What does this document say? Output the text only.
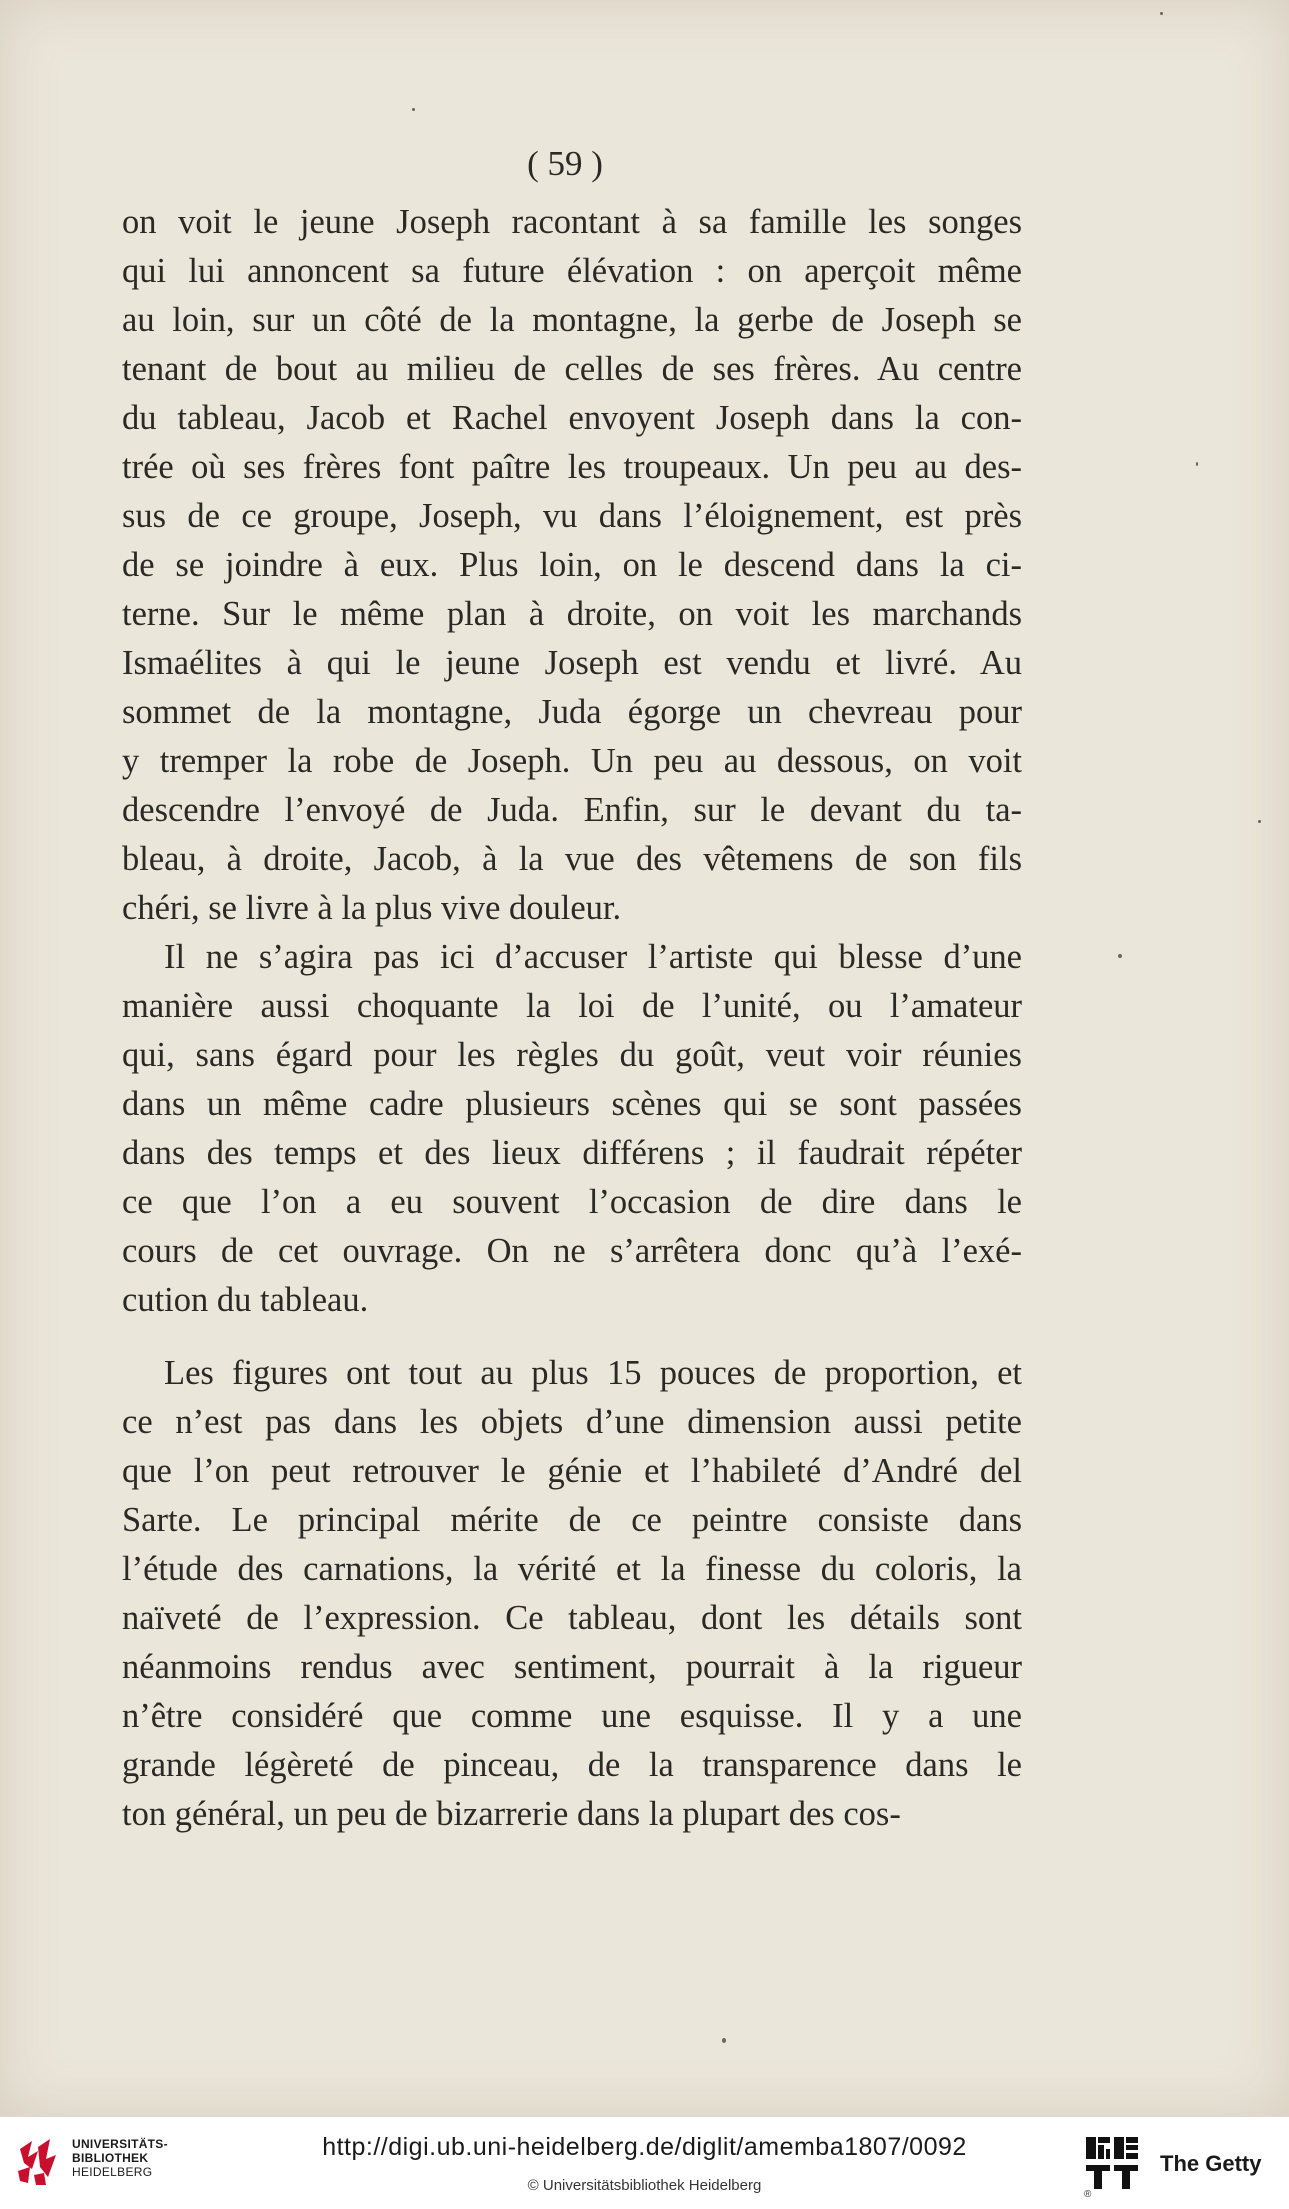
( 59 )
on voit le jeune Joseph racontant à sa famille les songes
qui lui annoncent sa future élévation : on aperçoit même
au loin, sur un côté de la montagne, la gerbe de Joseph se
tenant de bout au milieu de celles de ses frères. Au centre
du tableau, Jacob et Rachel envoyent Joseph dans la con-
trée où ses frères font paître les troupeaux. Un peu au des-
sus de ce groupe, Joseph, vu dans l’éloignement, est près
de se joindre à eux. Plus loin, on le descend dans la ci-
terne. Sur le même plan à droite, on voit les marchands
Ismaélites à qui le jeune Joseph est vendu et livré. Au
sommet de la montagne, Juda égorge un chevreau pour
y tremper la robe de Joseph. Un peu au dessous, on voit
descendre l’envoyé de Juda. Enfin, sur le devant du ta-
bleau, à droite, Jacob, à la vue des vêtemens de son fils
chéri, se livre à la plus vive douleur.
Il ne s’agira pas ici d’accuser l’artiste qui blesse d’une
manière aussi choquante la loi de l’unité, ou l’amateur
qui, sans égard pour les règles du goût, veut voir réunies
dans un même cadre plusieurs scènes qui se sont passées
dans des temps et des lieux différens ; il faudrait répéter
ce que l’on a eu souvent l’occasion de dire dans le
cours de cet ouvrage. On ne s’arrêtera donc qu’à l’exé-
cution du tableau.
Les figures ont tout au plus 15 pouces de proportion, et
ce n’est pas dans les objets d’une dimension aussi petite
que l’on peut retrouver le génie et l’habileté d’André del
Sarte. Le principal mérite de ce peintre consiste dans
l’étude des carnations, la vérité et la finesse du coloris, la
naïveté de l’expression. Ce tableau, dont les détails sont
néanmoins rendus avec sentiment, pourrait à la rigueur
n’être considéré que comme une esquisse. Il y a une
grande légèreté de pinceau, de la transparence dans le
ton général, un peu de bizarrerie dans la plupart des cos-
UNIVERSITÄTS-
BIBLIOTHEK
HEIDELBERG
http://digi.ub.uni-heidelberg.de/diglit/amemba1807/0092
© Universitätsbibliothek Heidelberg
®
The Getty
